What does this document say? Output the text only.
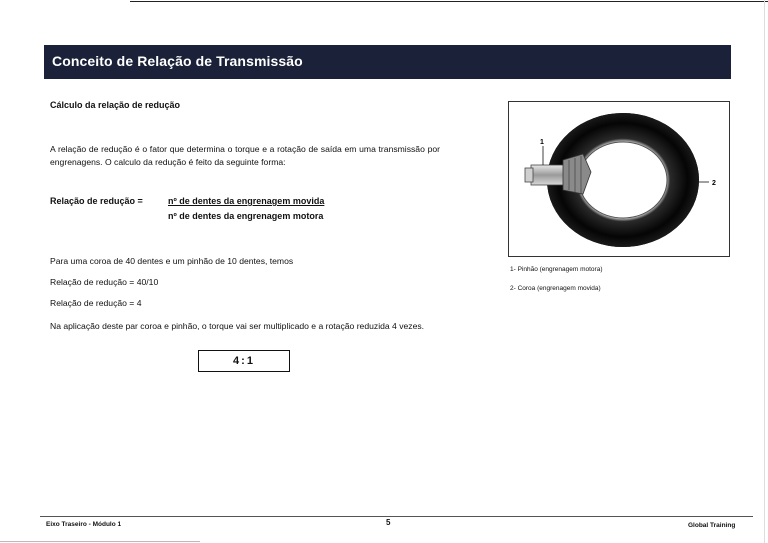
Conceito de Relação de Transmissão
Cálculo da relação de redução
A relação de redução é o fator que determina o torque e a rotação de saída em uma transmissão por engrenagens. O calculo da redução é feito da seguinte forma:
Relação de redução =	nº de dentes da engrenagem movida
nº de dentes da engrenagem motora
Para uma coroa de 40 dentes e um pinhão de 10 dentes, temos
Relação de redução = 40/10
Relação de redução = 4
Na aplicação deste par coroa e pinhão, o torque vai ser multiplicado e a rotação reduzida 4 vezes.
4:1
1
2
1- Pinhão (engrenagem motora)
2- Coroa (engrenagem movida)
Eixo Traseiro - Módulo 1	5	Global Training
